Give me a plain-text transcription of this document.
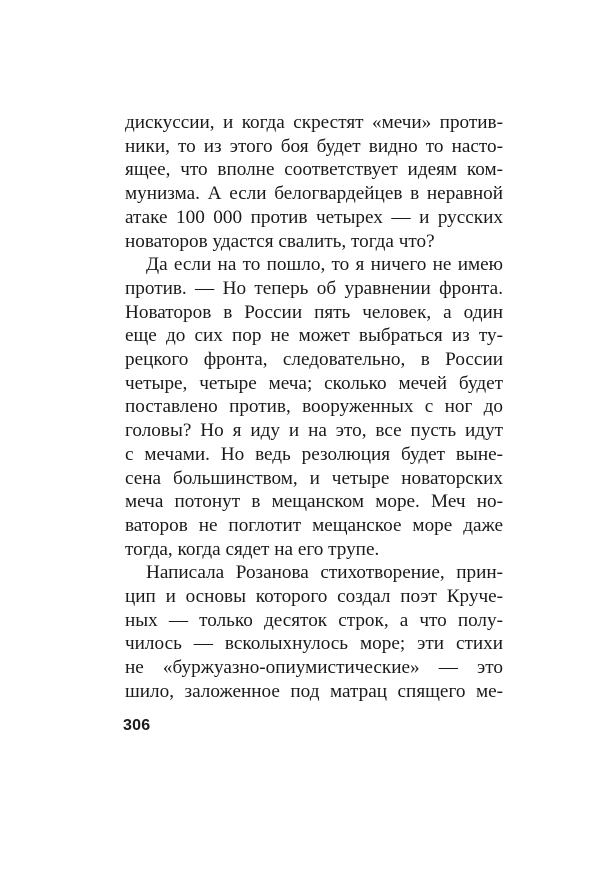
дискуссии, и когда скрестят «мечи» против-
ники, то из этого боя будет видно то насто-
ящее, что вполне соответствует идеям ком-
мунизма. А если белогвардейцев в неравной
атаке 100 000 против четырех — и русских
новаторов удастся свалить, тогда что?
Да если на то пошло, то я ничего не имею
против. — Но теперь об уравнении фронта.
Новаторов в России пять человек, а один
еще до сих пор не может выбраться из ту-
рецкого фронта, следовательно, в России
четыре, четыре меча; сколько мечей будет
поставлено против, вооруженных с ног до
головы? Но я иду и на это, все пусть идут
с мечами. Но ведь резолюция будет выне-
сена большинством, и четыре новаторских
меча потонут в мещанском море. Меч но-
ваторов не поглотит мещанское море даже
тогда, когда сядет на его трупе.
Написала Розанова стихотворение, прин-
цип и основы которого создал поэт Круче-
ных — только десяток строк, а что полу-
чилось — всколыхнулось море; эти стихи
не «буржуазно-опиумистические» — это
шило, заложенное под матрац спящего ме-
306
